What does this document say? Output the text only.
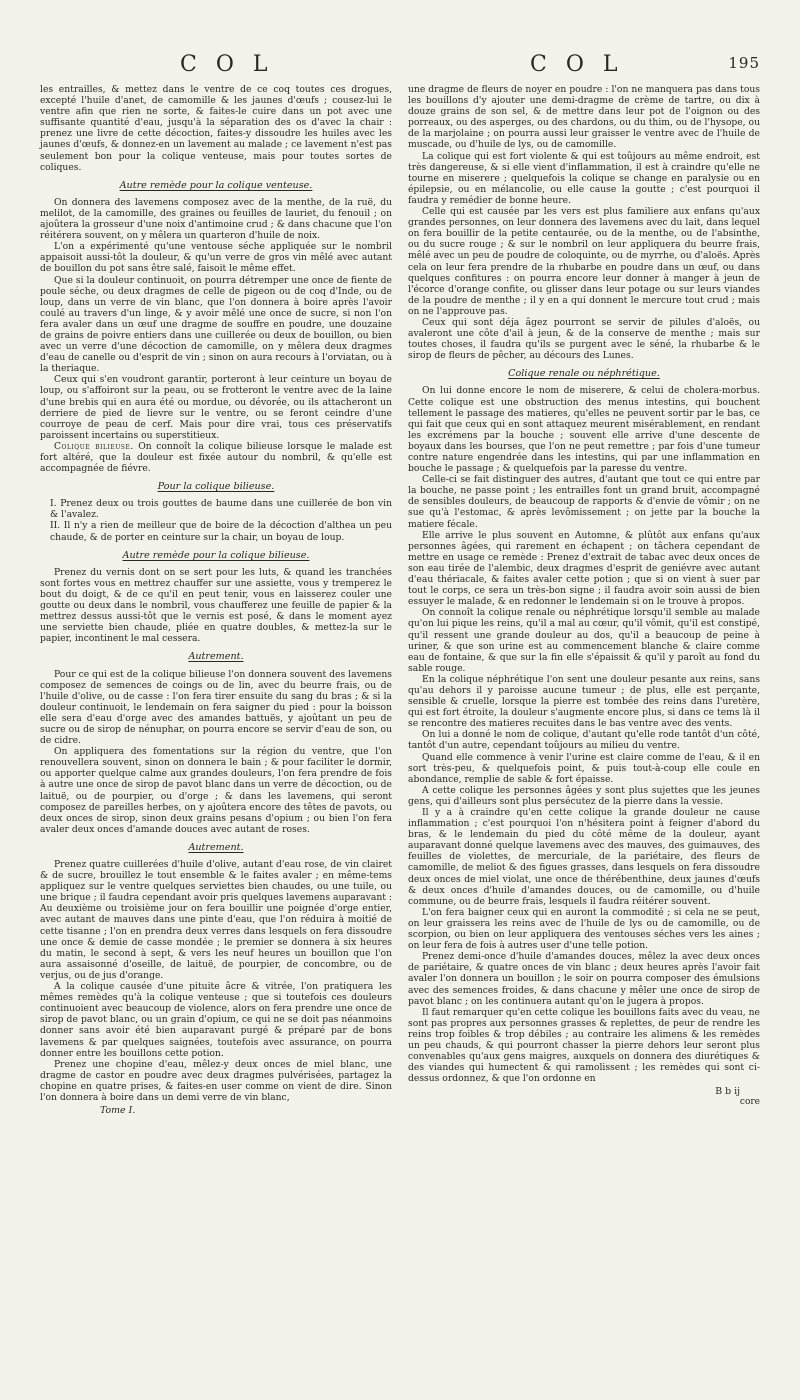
C O L	C O L	195

les entrailles, & mettez dans le ventre de ce coq toutes ces drogues, excepté l'huile d'anet, de camomille & les jaunes d'œufs ; cousez-lui le ventre afin que rien ne sorte, & faites-le cuire dans un pot avec une suffisante quantité d'eau, jusqu'à la séparation des os d'avec la chair : prenez une livre de cette décoction, faites-y dissoudre les huiles avec les jaunes d'œufs, & donnez-en un lavement au malade ; ce lavement n'est pas seulement bon pour la colique venteuse, mais pour toutes sortes de coliques.

Autre remède pour la colique venteuse.

On donnera des lavemens composez avec de la menthe, de la ruë, du melilot, de la camomille, des graines ou feuilles de lauriet, du fenouil ; on ajoûtera la grosseur d'une noix d'antimoine crud ; & dans chacune que l'on réitérera souvent, on y mêlera un quarteron d'huile de noix.

L'on a expérimenté qu'une ventouse séche appliquée sur le nombril appaisoit aussi-tôt la douleur, & qu'un verre de gros vin mêlé avec autant de bouillon du pot sans être salé, faisoit le même effet.

Que si la douleur continuoit, on pourra détremper une once de fiente de poule séche, ou deux dragmes de celle de pigeon ou de coq d'Inde, ou de loup, dans un verre de vin blanc, que l'on donnera à boire après l'avoir coulé au travers d'un linge, & y avoir mêlé une once de sucre, si non l'on fera avaler dans un œuf une dragme de souffre en poudre, une douzaine de grains de poivre entiers dans une cuillerée ou deux de bouillon, ou bien avec un verre d'une décoction de camomille, on y mêlera deux dragmes d'eau de canelle ou d'esprit de vin ; sinon on aura recours à l'orviatan, ou à la theriaque.

Ceux qui s'en voudront garantir, porteront à leur ceinture un boyau de loup, ou s'affoiront sur la peau, ou se frotteront le ventre avec de la laine d'une brebis qui en aura été ou mordue, ou dévorée, ou ils attacheront un derriere de pied de lievre sur le ventre, ou se feront ceindre d'une courroye de peau de cerf. Mais pour dire vrai, tous ces préservatifs paroissent incertains ou superstitieux.

Colique bilieuse. On connoît la colique bilieuse lorsque le malade est fort altéré, que la douleur est fixée autour du nombril, & qu'elle est accompagnée de fiévre.

Pour la colique bilieuse.

I. Prenez deux ou trois gouttes de baume dans une cuillerée de bon vin & l'avalez.

II. Il n'y a rien de meilleur que de boire de la décoction d'althea un peu chaude, & de porter en ceinture sur la chair, un boyau de loup.

Autre remède pour la colique bilieuse.

Prenez du vernis dont on se sert pour les luts, & quand les tranchées sont fortes vous en mettrez chauffer sur une assiette, vous y tremperez le bout du doigt, & de ce qu'il en peut tenir, vous en laisserez couler une goutte ou deux dans le nombril, vous chaufferez une feuille de papier & la mettrez dessus aussi-tôt que le vernis est posé, & dans le moment ayez une serviette bien chaude, pliée en quatre doubles, & mettez-la sur le papier, incontinent le mal cessera.

Autrement.

Pour ce qui est de la colique bilieuse l'on donnera souvent des lavemens composez de semences de coings ou de lin, avec du beurre frais, ou de l'huile d'olive, ou de casse : l'on fera tirer ensuite du sang du bras ; & si la douleur continuoit, le lendemain on fera saigner du pied : pour la boisson elle sera d'eau d'orge avec des amandes battuës, y ajoûtant un peu de sucre ou de sirop de nénuphar, on pourra encore se servir d'eau de son, ou de cidre.

On appliquera des fomentations sur la région du ventre, que l'on renouvellera souvent, sinon on donnera le bain ; & pour faciliter le dormir, ou apporter quelque calme aux grandes douleurs, l'on fera prendre de fois à autre une once de sirop de pavot blanc dans un verre de décoction, ou de laituë, ou de pourpier, ou d'orge ; & dans les lavemens, qui seront composez de pareilles herbes, on y ajoûtera encore des têtes de pavots, ou deux onces de sirop, sinon deux grains pesans d'opium ; ou bien l'on fera avaler deux onces d'amande douces avec autant de roses.

Autrement.

Prenez quatre cuillerées d'huile d'olive, autant d'eau rose, de vin clairet & de sucre, brouillez le tout ensemble & le faites avaler ; en même-tems appliquez sur le ventre quelques serviettes bien chaudes, ou une tuile, ou une brique ; il faudra cependant avoir pris quelques lavemens auparavant : Au deuxième ou troisième jour on fera bouillir une poignée d'orge entier, avec autant de mauves dans une pinte d'eau, que l'on réduira à moitié de cette tisanne ; l'on en prendra deux verres dans lesquels on fera dissoudre une once & demie de casse mondée ; le premier se donnera à six heures du matin, le second à sept, & vers les neuf heures un bouillon que l'on aura assaisonné d'oseille, de laituë, de pourpier, de concombre, ou de verjus, ou de jus d'orange.

A la colique causée d'une pituite âcre & vitrée, l'on pratiquera les mêmes remèdes qu'à la colique venteuse ; que si toutefois ces douleurs continuoient avec beaucoup de violence, alors on fera prendre une once de sirop de pavot blanc, ou un grain d'opium, ce qui ne se doit pas néanmoins donner sans avoir été bien auparavant purgé & préparé par de bons lavemens & par quelques saignées, toutefois avec assurance, on pourra donner entre les bouillons cette potion.

Prenez une chopine d'eau, mêlez-y deux onces de miel blanc, une dragme de castor en poudre avec deux dragmes pulvérisées, partagez la chopine en quatre prises, & faites-en user comme on vient de dire. Sinon l'on donnera à boire dans un demi verre de vin blanc,

Tome I.

une dragme de fleurs de noyer en poudre : l'on ne manquera pas dans tous les bouillons d'y ajouter une demi-dragme de crème de tartre, ou dix à douze grains de son sel, & de mettre dans leur pot de l'oignon ou des porreaux, ou des asperges, ou des chardons, ou du thim, ou de l'hysope, ou de la marjolaine ; on pourra aussi leur graisser le ventre avec de l'huile de muscade, ou d'huile de lys, ou de camomille.

La colique qui est fort violente & qui est toûjours au même endroit, est très dangereuse, & si elle vient d'inflammation, il est à craindre qu'elle ne tourne en miserere ; quelquefois la colique se change en paralysie ou en épilepsie, ou en mélancolie, ou elle cause la goutte ; c'est pourquoi il faudra y remédier de bonne heure.

Celle qui est causée par les vers est plus familiere aux enfans qu'aux grandes personnes, on leur donnera des lavemens avec du lait, dans lequel on fera bouillir de la petite centaurée, ou de la menthe, ou de l'absinthe, ou du sucre rouge ; & sur le nombril on leur appliquera du beurre frais, mêlé avec un peu de poudre de coloquinte, ou de myrrhe, ou d'aloës. Après cela on leur fera prendre de la rhubarbe en poudre dans un œuf, ou dans quelques confitures : on pourra encore leur donner à manger à jeun de l'écorce d'orange confite, ou glisser dans leur potage ou sur leurs viandes de la poudre de menthe ; il y en a qui donnent le mercure tout crud ; mais on ne l'approuve pas.

Ceux qui sont déja âgez pourront se servir de pilules d'aloës, ou avaleront une côte d'ail à jeun, & de la conserve de menthe ; mais sur toutes choses, il faudra qu'ils se purgent avec le séné, la rhubarbe & le sirop de fleurs de pêcher, au décours des Lunes.

Colique renale ou néphrétique.

On lui donne encore le nom de miserere, & celui de cholera-morbus. Cette colique est une obstruction des menus intestins, qui bouchent tellement le passage des matieres, qu'elles ne peuvent sortir par le bas, ce qui fait que ceux qui en sont attaquez meurent misérablement, en rendant les excrémens par la bouche ; souvent elle arrive d'une descente de boyaux dans les bourses, que l'on ne peut remettre ; par fois d'une tumeur contre nature engendrée dans les intestins, qui par une inflammation en bouche le passage ; & quelquefois par la paresse du ventre.

Celle-ci se fait distinguer des autres, d'autant que tout ce qui entre par la bouche, ne passe point ; les entrailles font un grand bruit, accompagné de sensibles douleurs, de beaucoup de rapports & d'envie de vômir ; on ne sue qu'à l'estomac, & après levômissement ; on jette par la bouche la matiere fécale.

Elle arrive le plus souvent en Automne, & plûtôt aux enfans qu'aux personnes âgées, qui rarement en échapent ; on tâchera cependant de mettre en usage ce remède : Prenez d'extrait de tabac avec deux onces de son eau tirée de l'alembic, deux dragmes d'esprit de geniévre avec autant d'eau thériacale, & faites avaler cette potion ; que si on vient à suer par tout le corps, ce sera un très-bon signe ; il faudra avoir soin aussi de bien essuyer le malade, & en redonner le lendemain si on le trouve à propos.

On connoît la colique renale ou néphrétique lorsqu'il semble au malade qu'on lui pique les reins, qu'il a mal au cœur, qu'il vômit, qu'il est constipé, qu'il ressent une grande douleur au dos, qu'il a beaucoup de peine à uriner, & que son urine est au commencement blanche & claire comme eau de fontaine, & que sur la fin elle s'épaissit & qu'il y paroît au fond du sable rouge.

En la colique néphrétique l'on sent une douleur pesante aux reins, sans qu'au dehors il y paroisse aucune tumeur ; de plus, elle est perçante, sensible & cruelle, lorsque la pierre est tombée des reins dans l'uretère, qui est fort étroite, la douleur s'augmente encore plus, si dans ce tems là il se rencontre des matieres recuites dans le bas ventre avec des vents.

On lui a donné le nom de colique, d'autant qu'elle rode tantôt d'un côté, tantôt d'un autre, cependant toûjours au milieu du ventre.

Quand elle commence à venir l'urine est claire comme de l'eau, & il en sort très-peu, & quelquefois point, & puis tout-à-coup elle coule en abondance, remplie de sable & fort épaisse.

A cette colique les personnes âgées y sont plus sujettes que les jeunes gens, qui d'ailleurs sont plus persécutez de la pierre dans la vessie.

Il y a à craindre qu'en cette colique la grande douleur ne cause inflammation ; c'est pourquoi l'on n'hésitera point à feigner d'abord du bras, & le lendemain du pied du côté même de la douleur, ayant auparavant donné quelque lavemens avec des mauves, des guimauves, des feuilles de violettes, de mercuriale, de la pariétaire, des fleurs de camomille, de meliot & des figues grasses, dans lesquels on fera dissoudre deux onces de miel violat, une once de thérébenthine, deux jaunes d'œufs & deux onces d'huile d'amandes douces, ou de camomille, ou d'huile commune, ou de beurre frais, lesquels il faudra réitérer souvent.

L'on fera baigner ceux qui en auront la commodité ; si cela ne se peut, on leur graissera les reins avec de l'huile de lys ou de camomille, ou de scorpion, ou bien on leur appliquera des ventouses séches vers les aines ; on leur fera de fois à autres user d'une telle potion.

Prenez demi-once d'huile d'amandes douces, mêlez la avec deux onces de pariétaire, & quatre onces de vin blanc ; deux heures après l'avoir fait avaler l'on donnera un bouillon ; le soir on pourra composer des émulsions avec des semences froides, & dans chacune y mêler une once de sirop de pavot blanc ; on les continuera autant qu'on le jugera à propos.

Il faut remarquer qu'en cette colique les bouillons faits avec du veau, ne sont pas propres aux personnes grasses & replettes, de peur de rendre les reins trop foibles & trop débiles ; au contraire les alimens & les remèdes un peu chauds, & qui pourront chasser la pierre dehors leur seront plus convenables qu'aux gens maigres, auxquels on donnera des diurétiques & des viandes qui humectent & qui ramolissent ; les remèdes qui sont ci-dessus ordonnez, & que l'on ordonne en

B b ij
core
